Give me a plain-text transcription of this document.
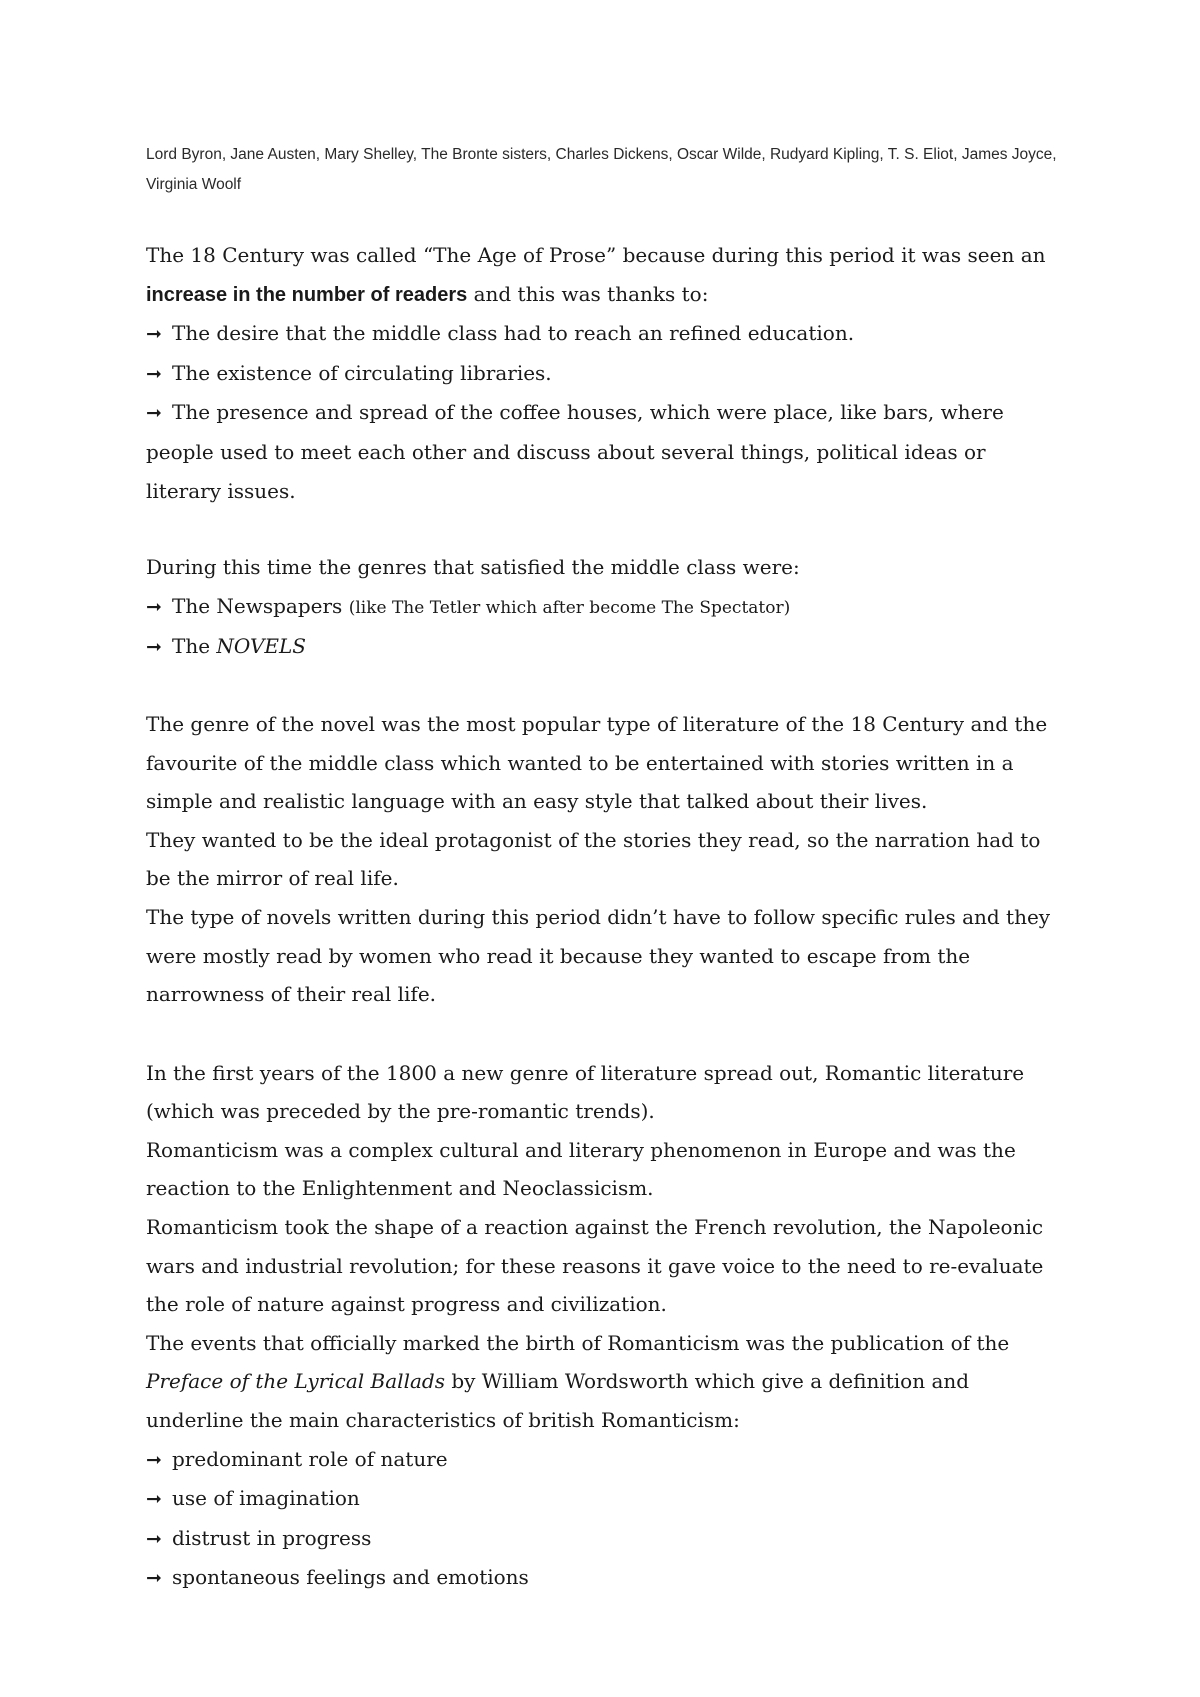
Lord Byron, Jane Austen, Mary Shelley, The Bronte sisters, Charles Dickens, Oscar Wilde, Rudyard Kipling, T. S. Eliot, James Joyce, Virginia Woolf

The 18 Century was called “The Age of Prose” because during this period it was seen an
increase in the number of readers and this was thanks to:

➞ The desire that the middle class had to reach an refined education.

➞ The existence of circulating libraries.

➞ The presence and spread of the coffee houses, which were place, like bars, where people used to meet each other and discuss about several things, political ideas or literary issues.

During this time the genres that satisfied the middle class were:

➞ The Newspapers (like The Tetler which after become The Spectator)

➞ The NOVELS

The genre of the novel was the most popular type of literature of the 18 Century and the favourite of the middle class which wanted to be entertained with stories written in a simple and realistic language with an easy style that talked about their lives.

They wanted to be the ideal protagonist of the stories they read, so the narration had to be the mirror of real life.

The type of novels written during this period didn’t have to follow specific rules and they were mostly read by women who read it because they wanted to escape from the narrowness of their real life.

In the first years of the 1800 a new genre of literature spread out, Romantic literature (which was preceded by the pre-romantic trends).

Romanticism was a complex cultural and literary phenomenon in Europe and was the reaction to the Enlightenment and Neoclassicism.

Romanticism took the shape of a reaction against the French revolution, the Napoleonic wars and industrial revolution; for these reasons it gave voice to the need to re-evaluate the role of nature against progress and civilization.

The events that officially marked the birth of Romanticism was the publication of the Preface of the Lyrical Ballads by William Wordsworth which give a definition and underline the main characteristics of british Romanticism:

➞ predominant role of nature

➞ use of imagination

➞ distrust in progress

➞ spontaneous feelings and emotions
